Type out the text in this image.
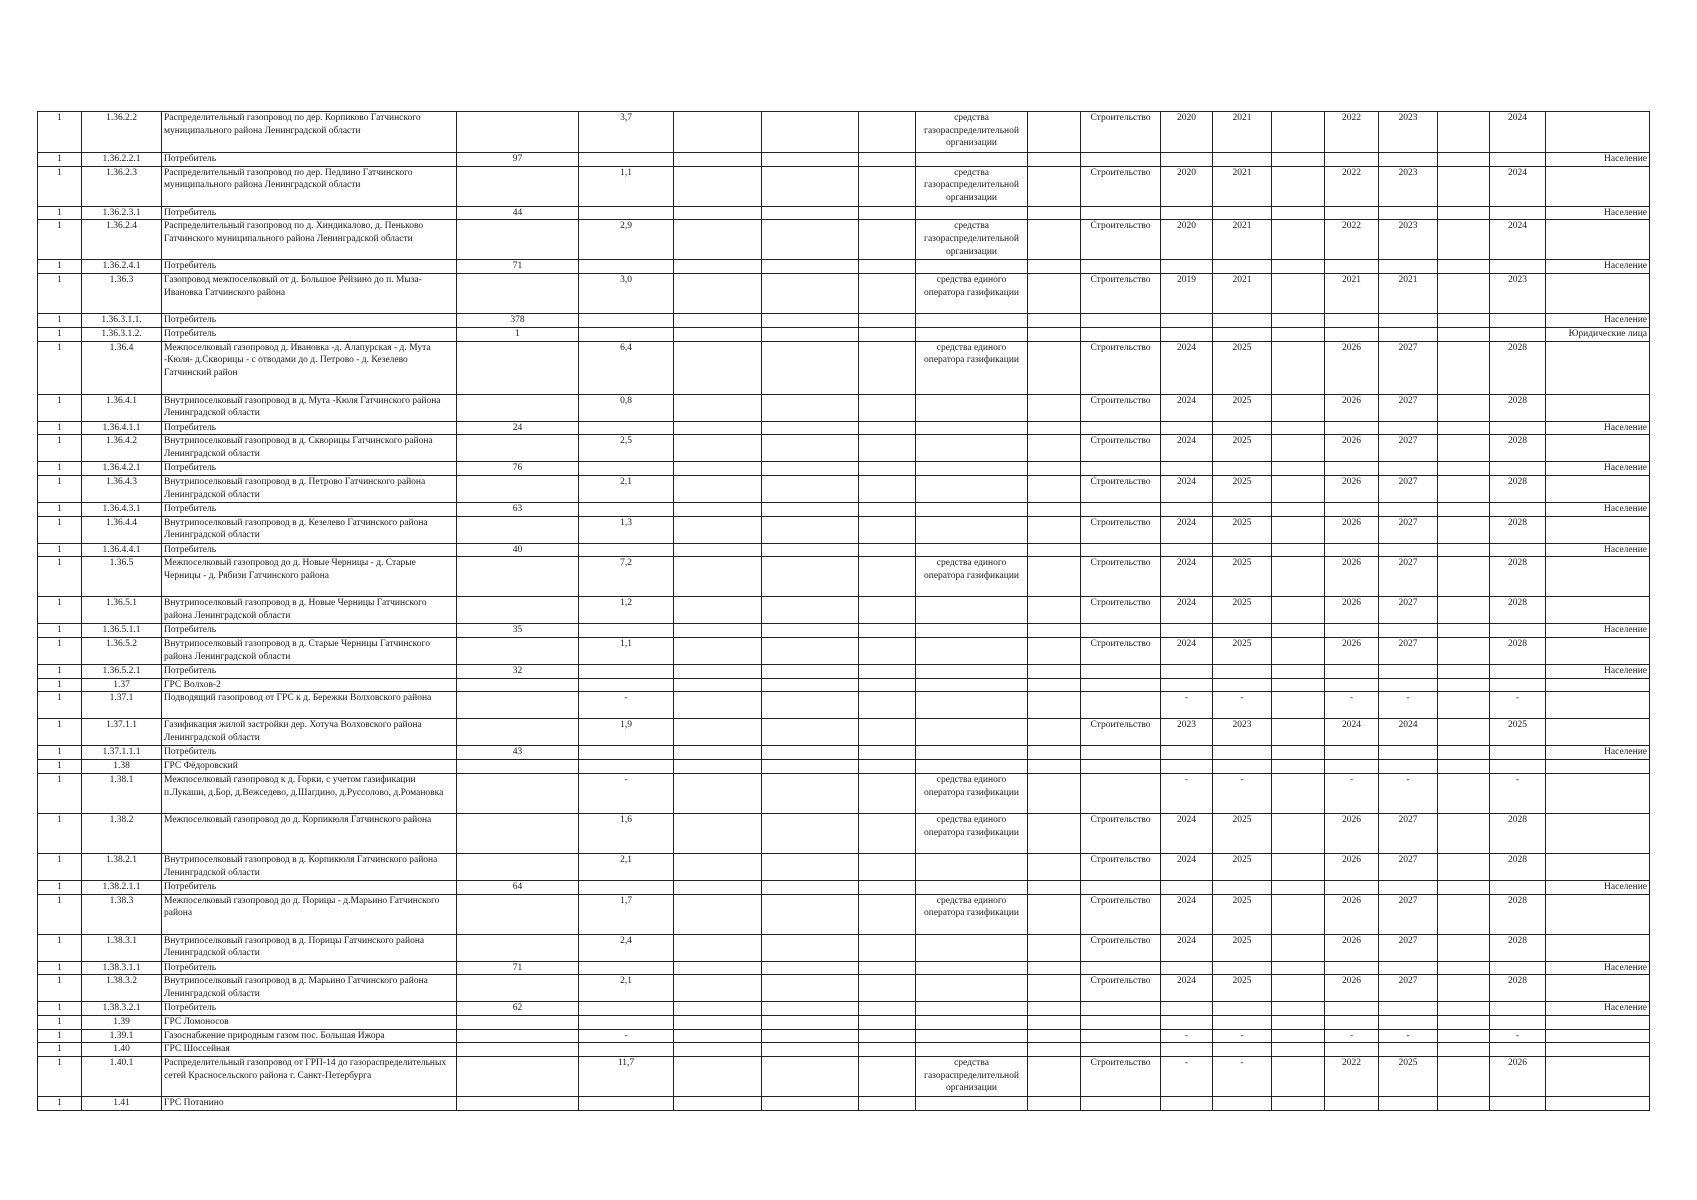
1	1.36.2.2	Распределительный газопровод по дер. Корпиково Гатчинского муниципального района Ленинградской области		3,7				средства газораспределительной организации		Строительство	2020	2021		2022	2023		2024	
1	1.36.2.2.1	Потребитель	97															Население
1	1.36.2.3	Распределительный газопровод по дер. Педлино Гатчинского муниципального района Ленинградской области		1,1				средства газораспределительной организации		Строительство	2020	2021		2022	2023		2024	
1	1.36.2.3.1	Потребитель	44															Население
1	1.36.2.4	Распределительный газопровод по д. Хиндикалово, д. Пеньково Гатчинского муниципального района Ленинградской области		2,9				средства газораспределительной организации		Строительство	2020	2021		2022	2023		2024	
1	1.36.2.4.1	Потребитель	71															Население
1	1.36.3	Газопровод межпоселковый от д. Большое Рейзино до п. Мыза-Ивановка Гатчинского района		3,0				средства единого оператора газификации		Строительство	2019	2021		2021	2021		2023	
1	1.36.3.1.1.	Потребитель	378															Население
1	1.36.3.1.2.	Потребитель	1															Юридические лица
1	1.36.4	Межпоселковый газопровод д. Ивановка -д. Алапурская - д. Мута -Кюля- д.Скворицы - с отводами до д. Петрово - д. Кезелево Гатчинский район		6,4				средства единого оператора газификации		Строительство	2024	2025		2026	2027		2028	
1	1.36.4.1	Внутрипоселковый газопровод в д. Мута -Кюля Гатчинского района Ленинградской области		0,8						Строительство	2024	2025		2026	2027		2028	
1	1.36.4.1.1	Потребитель	24															Население
1	1.36.4.2	Внутрипоселковый газопровод в д. Скворицы Гатчинского района Ленинградской области		2,5						Строительство	2024	2025		2026	2027		2028	
1	1.36.4.2.1	Потребитель	76															Население
1	1.36.4.3	Внутрипоселковый газопровод в д. Петрово Гатчинского района Ленинградской области		2,1						Строительство	2024	2025		2026	2027		2028	
1	1.36.4.3.1	Потребитель	63															Население
1	1.36.4.4	Внутрипоселковый газопровод в д. Кезелево Гатчинского района Ленинградской области		1,3						Строительство	2024	2025		2026	2027		2028	
1	1.36.4.4.1	Потребитель	40															Население
1	1.36.5	Межпоселковый газопровод до д. Новые Черницы - д. Старые Черницы - д. Рябизи Гатчинского района		7,2				средства единого оператора газификации		Строительство	2024	2025		2026	2027		2028	
1	1.36.5.1	Внутрипоселковый газопровод в д. Новые Черницы Гатчинского района Ленинградской области		1,2						Строительство	2024	2025		2026	2027		2028	
1	1.36.5.1.1	Потребитель	35															Население
1	1.36.5.2	Внутрипоселковый газопровод в д. Старые Черницы Гатчинского района Ленинградской области		1,1						Строительство	2024	2025		2026	2027		2028	
1	1.36.5.2.1	Потребитель	32															Население
1	1.37	ГРС Волхов-2																
1	1.37.1	Подводящий газопровод от ГРС к д. Бережки Волховского района		-							-	-		-	-		-	
1	1.37.1.1	Газификация жилой застройки дер. Хотуча Волховского района Ленинградской области		1,9						Строительство	2023	2023		2024	2024		2025	
1	1.37.1.1.1	Потребитель	43															Население
1	1.38	ГРС Фёдоровский																
1	1.38.1	Межпоселковый газопровод к д. Горки, с учетом газификации п.Лукаши, д.Бор, д.Вежседево, д.Шагдино, д.Руссолово, д.Романовка		-				средства единого оператора газификации			-	-		-	-		-	
1	1.38.2	Межпоселковый газопровод до д. Корпикюля Гатчинского района		1,6				средства единого оператора газификации		Строительство	2024	2025		2026	2027		2028	
1	1.38.2.1	Внутрипоселковый газопровод в д. Корпикюля Гатчинского района Ленинградской области		2,1						Строительство	2024	2025		2026	2027		2028	
1	1.38.2.1.1	Потребитель	64															Население
1	1.38.3	Межпоселковый газопровод до д. Порицы - д.Марьино Гатчинского района		1,7				средства единого оператора газификации		Строительство	2024	2025		2026	2027		2028	
1	1.38.3.1	Внутрипоселковый газопровод в д. Порицы Гатчинского района Ленинградской области		2,4						Строительство	2024	2025		2026	2027		2028	
1	1.38.3.1.1	Потребитель	71															Население
1	1.38.3.2	Внутрипоселковый газопровод в д. Марьино Гатчинского района Ленинградской области		2,1						Строительство	2024	2025		2026	2027		2028	
1	1.38.3.2.1	Потребитель	62															Население
1	1.39	ГРС Ломоносов																
1	1.39.1	Газоснабжение природным газом пос. Большая Ижора		-							-	-		-	-		-	
1	1.40	ГРС Шоссейная																
1	1.40.1	Распределительный газопровод от ГРП-14 до газораспределительных сетей Красносельского района г. Санкт-Петербурга		11,7				средства газораспределительной организации		Строительство	-	-		2022	2025		2026	
1	1.41	ГРС Потанино																
